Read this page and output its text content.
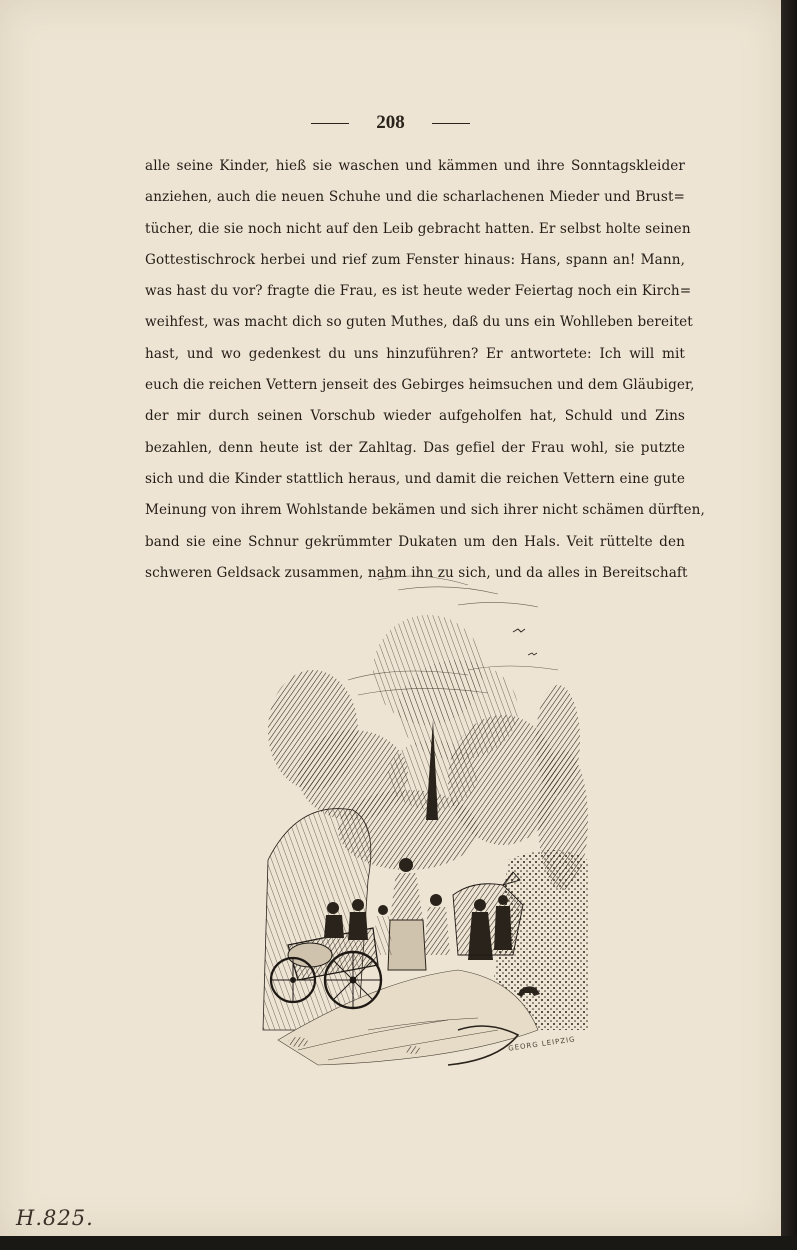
208
alle seine Kinder, hieß sie waschen und kämmen und ihre Sonntagskleider
anziehen, auch die neuen Schuhe und die scharlachenen Mieder und Brust=
tücher, die sie noch nicht auf den Leib gebracht hatten. Er selbst holte seinen
Gottestischrock herbei und rief zum Fenster hinaus: Hans, spann an! Mann,
was hast du vor? fragte die Frau, es ist heute weder Feiertag noch ein Kirch=
weihfest, was macht dich so guten Muthes, daß du uns ein Wohlleben bereitet
hast, und wo gedenkest du uns hinzuführen? Er antwortete: Ich will mit
euch die reichen Vettern jenseit des Gebirges heimsuchen und dem Gläubiger,
der mir durch seinen Vorschub wieder aufgeholfen hat, Schuld und Zins
bezahlen, denn heute ist der Zahltag. Das gefiel der Frau wohl, sie putzte
sich und die Kinder stattlich heraus, und damit die reichen Vettern eine gute
Meinung von ihrem Wohlstande bekämen und sich ihrer nicht schämen dürften,
band sie eine Schnur gekrümmter Dukaten um den Hals. Veit rüttelte den
schweren Geldsack zusammen, nahm ihn zu sich, und da alles in Bereitschaft
GEORG LEIPZIG
H.825.
